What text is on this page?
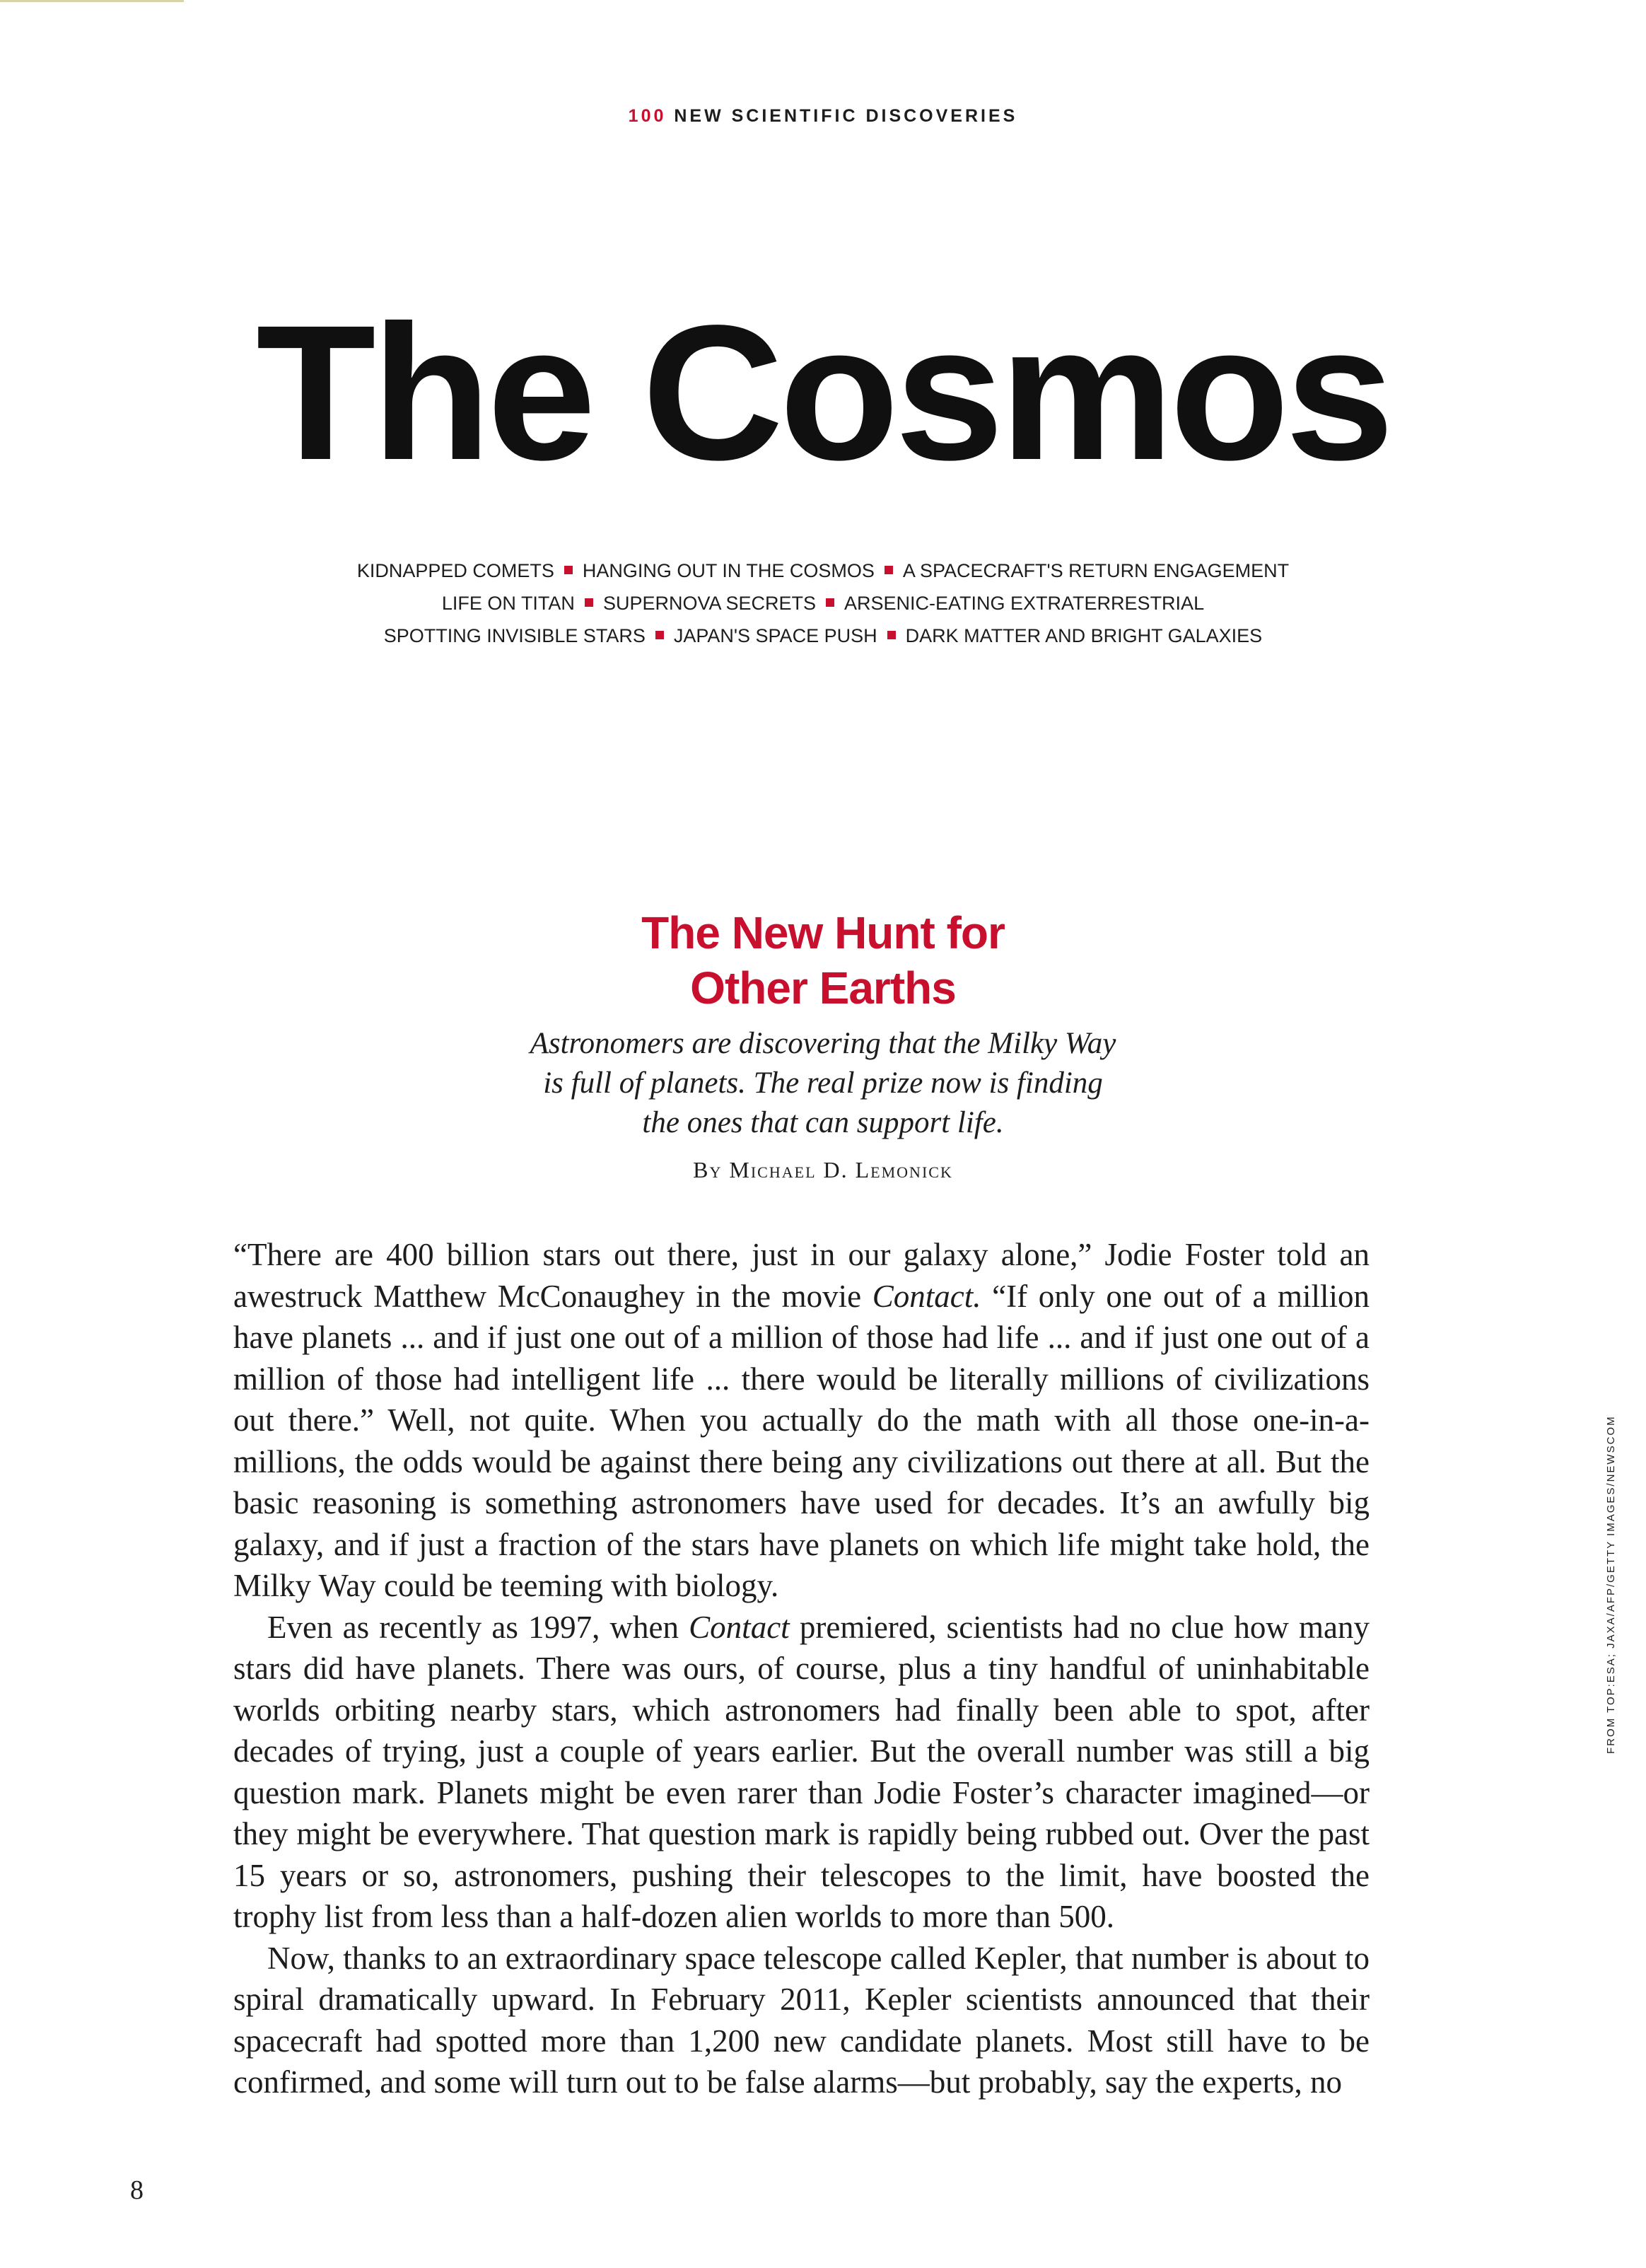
100 NEW SCIENTIFIC DISCOVERIES
The Cosmos
KIDNAPPED COMETS HANGING OUT IN THE COSMOS A SPACECRAFT'S RETURN ENGAGEMENT
LIFE ON TITAN SUPERNOVA SECRETS ARSENIC-EATING EXTRATERRESTRIAL
SPOTTING INVISIBLE STARS JAPAN'S SPACE PUSH DARK MATTER AND BRIGHT GALAXIES
The New Hunt for
Other Earths
Astronomers are discovering that the Milky Way
is full of planets. The real prize now is finding
the ones that can support life.
By Michael D. Lemonick

“There are 400 billion stars out there, just in our galaxy alone,” Jodie Foster told an awestruck Matthew McConaughey in the movie Contact. “If only one out of a million have planets ... and if just one out of a million of those had life ... and if just one out of a million of those had intelligent life ... there would be literally millions of civilizations out there.” Well, not quite. When you actually do the math with all those one-in-a-millions, the odds would be against there being any civilizations out there at all. But the basic reasoning is something astronomers have used for decades. It’s an awfully big galaxy, and if just a fraction of the stars have planets on which life might take hold, the Milky Way could be teeming with biology.

Even as recently as 1997, when Contact premiered, scientists had no clue how many stars did have planets. There was ours, of course, plus a tiny handful of uninhabitable worlds orbiting nearby stars, which astronomers had finally been able to spot, after decades of trying, just a couple of years earlier. But the overall number was still a big question mark. Planets might be even rarer than Jodie Foster’s character imagined—or they might be everywhere. That question mark is rapidly being rubbed out. Over the past 15 years or so, astronomers, pushing their telescopes to the limit, have boosted the trophy list from less than a half-dozen alien worlds to more than 500.

Now, thanks to an extraordinary space telescope called Kepler, that number is about to spiral dramatically upward. In February 2011, Kepler scientists announced that their spacecraft had spotted more than 1,200 new candidate planets. Most still have to be confirmed, and some will turn out to be false alarms—but probably, say the experts, no

FROM TOP:ESA; JAXA/AFP/GETTY IMAGES/NEWSCOM
8
